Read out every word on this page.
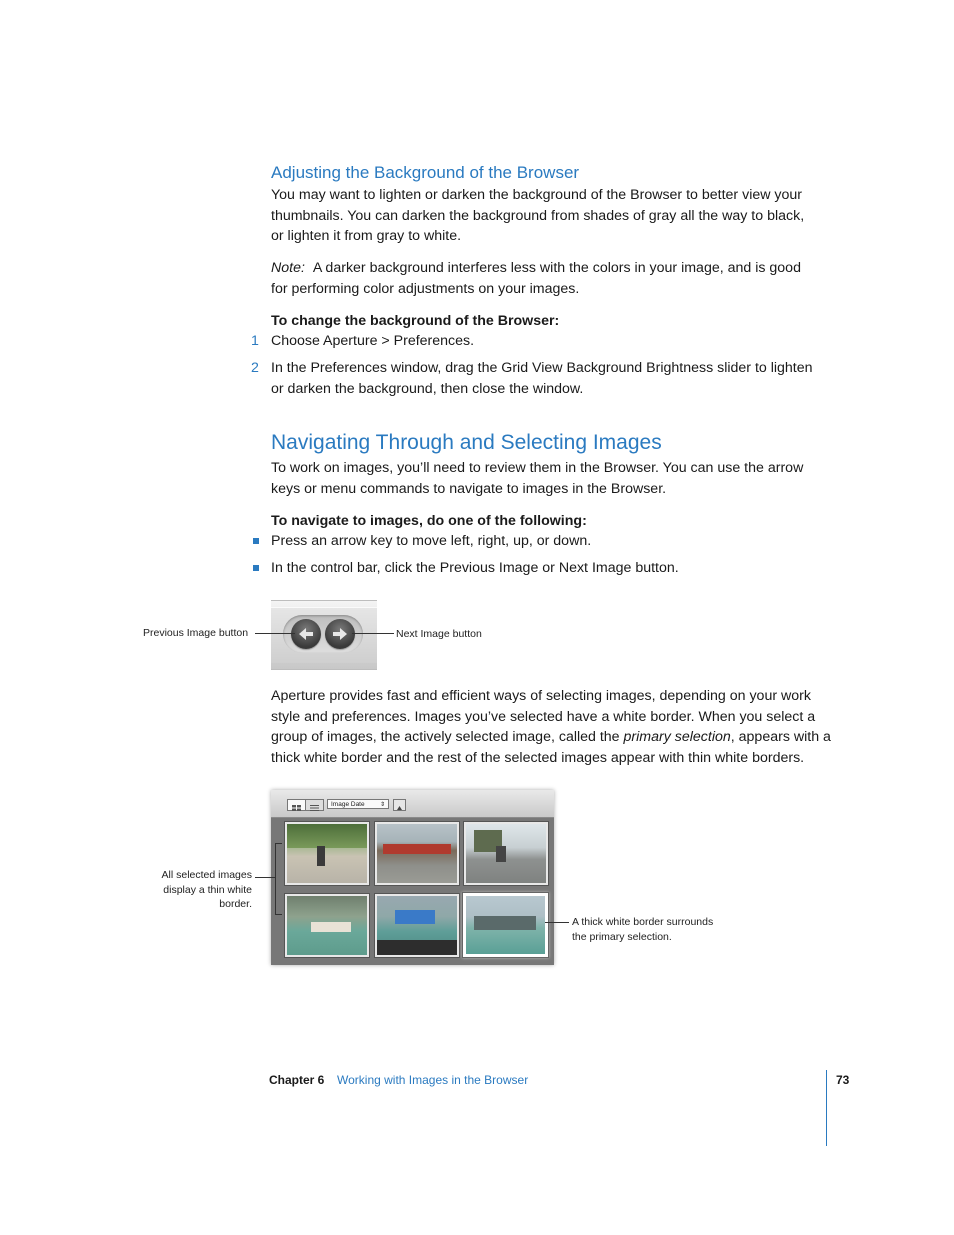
Adjusting the Background of the Browser
You may want to lighten or darken the background of the Browser to better view your
thumbnails. You can darken the background from shades of gray all the way to black,
or lighten it from gray to white.
Note: A darker background interferes less with the colors in your image, and is good
for performing color adjustments on your images.
To change the background of the Browser:
1 Choose Aperture > Preferences.
2 In the Preferences window, drag the Grid View Background Brightness slider to lighten
or darken the background, then close the window.
Navigating Through and Selecting Images
To work on images, you’ll need to review them in the Browser. You can use the arrow
keys or menu commands to navigate to images in the Browser.
To navigate to images, do one of the following:
Press an arrow key to move left, right, up, or down.
In the control bar, click the Previous Image or Next Image button.
Previous Image button	Next Image button
Aperture provides fast and efficient ways of selecting images, depending on your work
style and preferences. Images you’ve selected have a white border. When you select a
group of images, the actively selected image, called the primary selection, appears with a
thick white border and the rest of the selected images appear with thin white borders.
Image Date	⇕
All selected images
display a thin white
border.
A thick white border surrounds
the primary selection.
Chapter 6 Working with Images in the Browser	73
